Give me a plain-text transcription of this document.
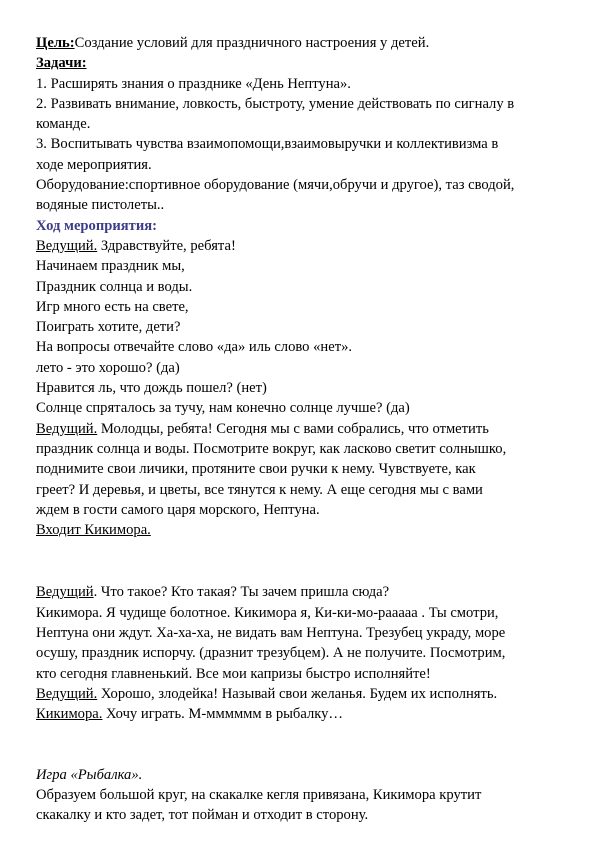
Цель:Создание условий для праздничного настроения у детей.
Задачи:
1. Расширять знания о празднике «День Нептуна».
2. Развивать внимание, ловкость, быстроту, умение действовать по сигналу в
команде.
3. Воспитывать чувства взаимопомощи,взаимовыручки и коллективизма в
ходе мероприятия.
Оборудование:спортивное оборудование (мячи,обручи и другое), таз сводой,
водяные пистолеты..
Ход мероприятия:
Ведущий. Здравствуйте, ребята!
Начинаем праздник мы,
Праздник солнца и воды.
Игр много есть на свете,
Поиграть хотите, дети?
На вопросы отвечайте слово «да» иль слово «нет».
лето - это хорошо? (да)
Нравится ль, что дождь пошел? (нет)
Солнце спряталось за тучу, нам конечно солнце лучше? (да)
Ведущий. Молодцы, ребята! Сегодня мы с вами собрались, что отметить
праздник солнца и воды. Посмотрите вокруг, как ласково светит солнышко,
поднимите свои личики, протяните свои ручки к нему. Чувствуете, как
греет? И деревья, и цветы, все тянутся к нему. А еще сегодня мы с вами
ждем в гости самого царя морского, Нептуна.
Входит Кикимора.
Ведущий. Что такое? Кто такая? Ты зачем пришла сюда?
Кикимора. Я чудище болотное. Кикимора я, Ки-ки-мо-раааaa . Ты смотри,
Нептуна они ждут. Ха-ха-ха, не видать вам Нептуна. Трезубец украду, море
осушу, праздник испорчу. (дразнит трезубцем). А не получите. Посмотрим,
кто сегодня главненький. Все мои капризы быстро исполняйте!
Ведущий. Хорошо, злодейка! Называй свои желанья. Будем их исполнять.
Кикимора. Хочу играть. М-мммммм в рыбалку…
Игра «Рыбалка».
Образуем большой круг, на скакалке кегля привязана, Кикимора крутит
скакалку и кто задет, тот пойман и отходит в сторону.
